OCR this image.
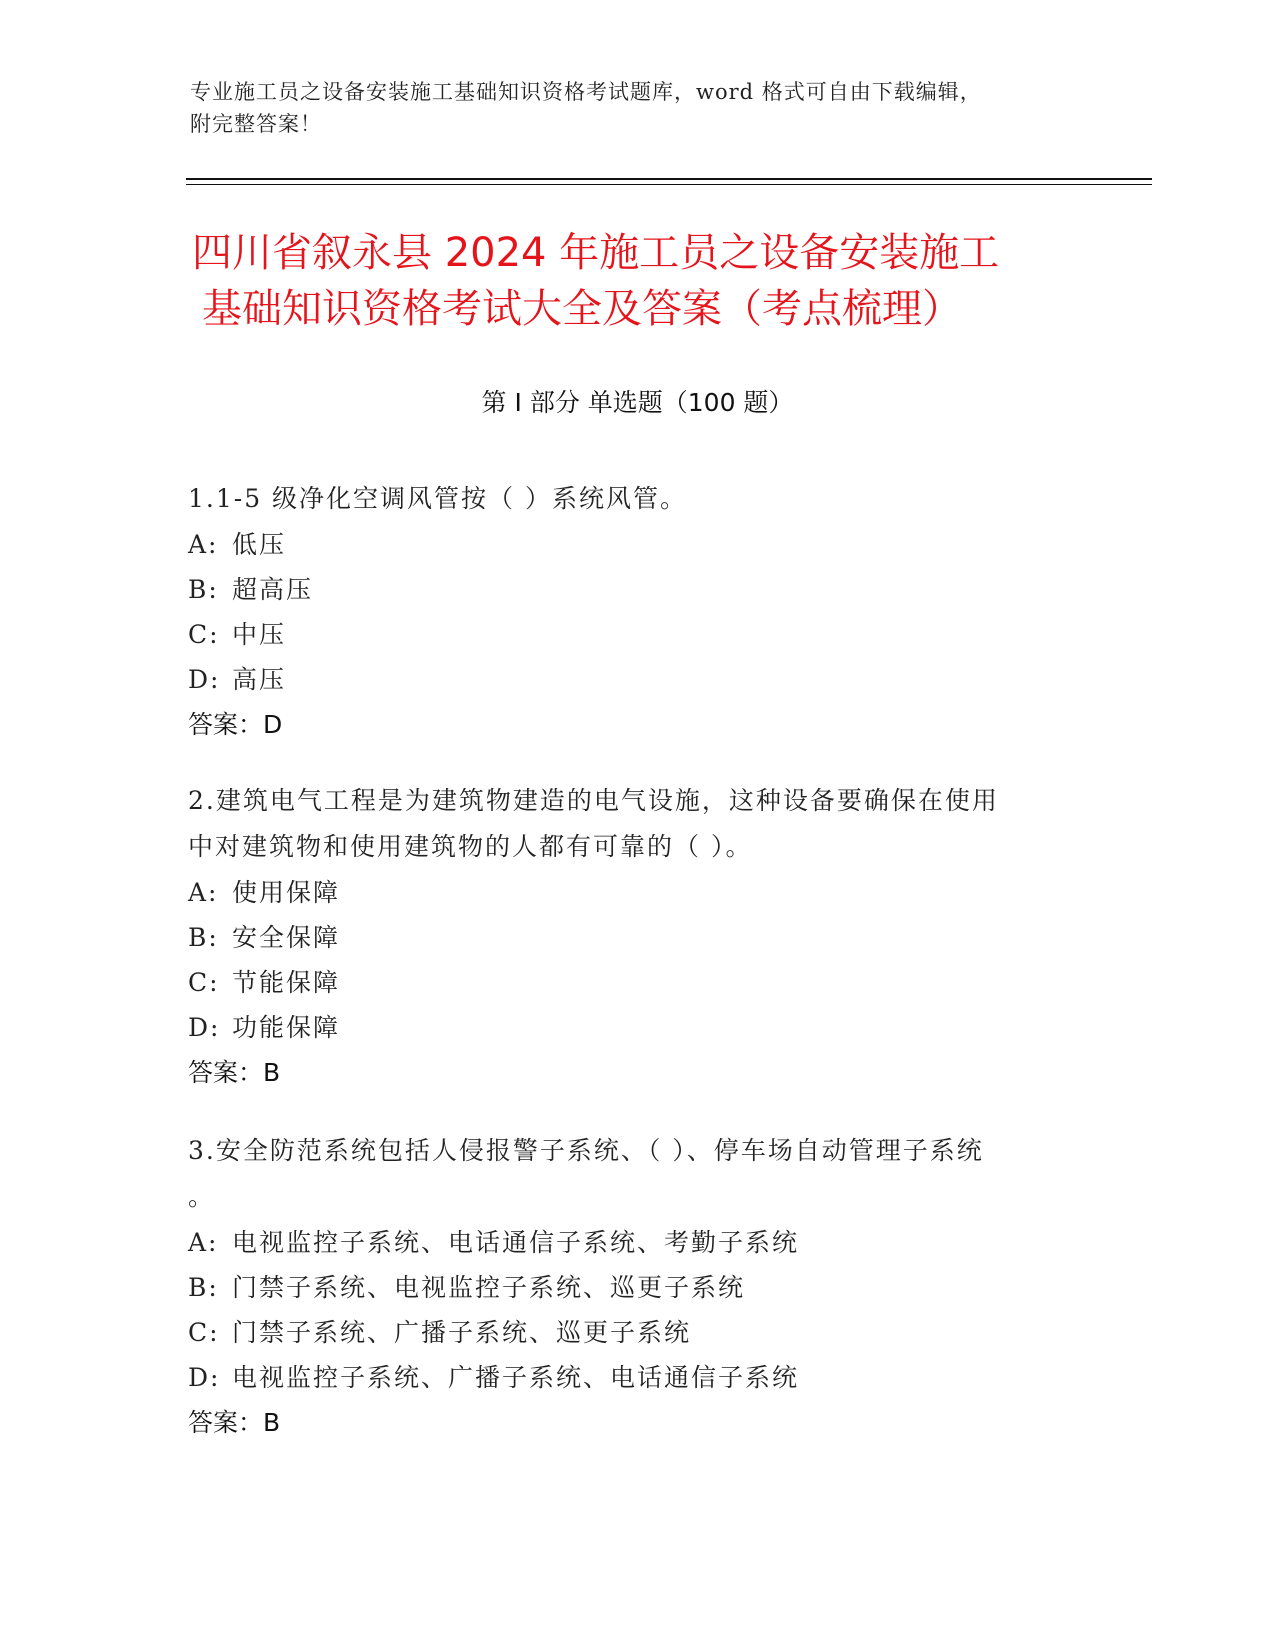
专业施工员之设备安装施工基础知识资格考试题库，word 格式可自由下载编辑，
附完整答案！
四川省叙永县 2024 年施工员之设备安装施工
基础知识资格考试大全及答案（考点梳理）
第 I 部分 单选题（100 题）
1.1-5 级净化空调风管按（ ）系统风管。
A: 低压
B: 超高压
C: 中压
D: 高压
答案：D
2.建筑电气工程是为建筑物建造的电气设施，这种设备要确保在使用
中对建筑物和使用建筑物的人都有可靠的（ ）。
A: 使用保障
B: 安全保障
C: 节能保障
D: 功能保障
答案：B
3.安全防范系统包括人侵报警子系统、（ ）、停车场自动管理子系统
。
A: 电视监控子系统、电话通信子系统、考勤子系统
B: 门禁子系统、电视监控子系统、巡更子系统
C: 门禁子系统、广播子系统、巡更子系统
D: 电视监控子系统、广播子系统、电话通信子系统
答案：B
